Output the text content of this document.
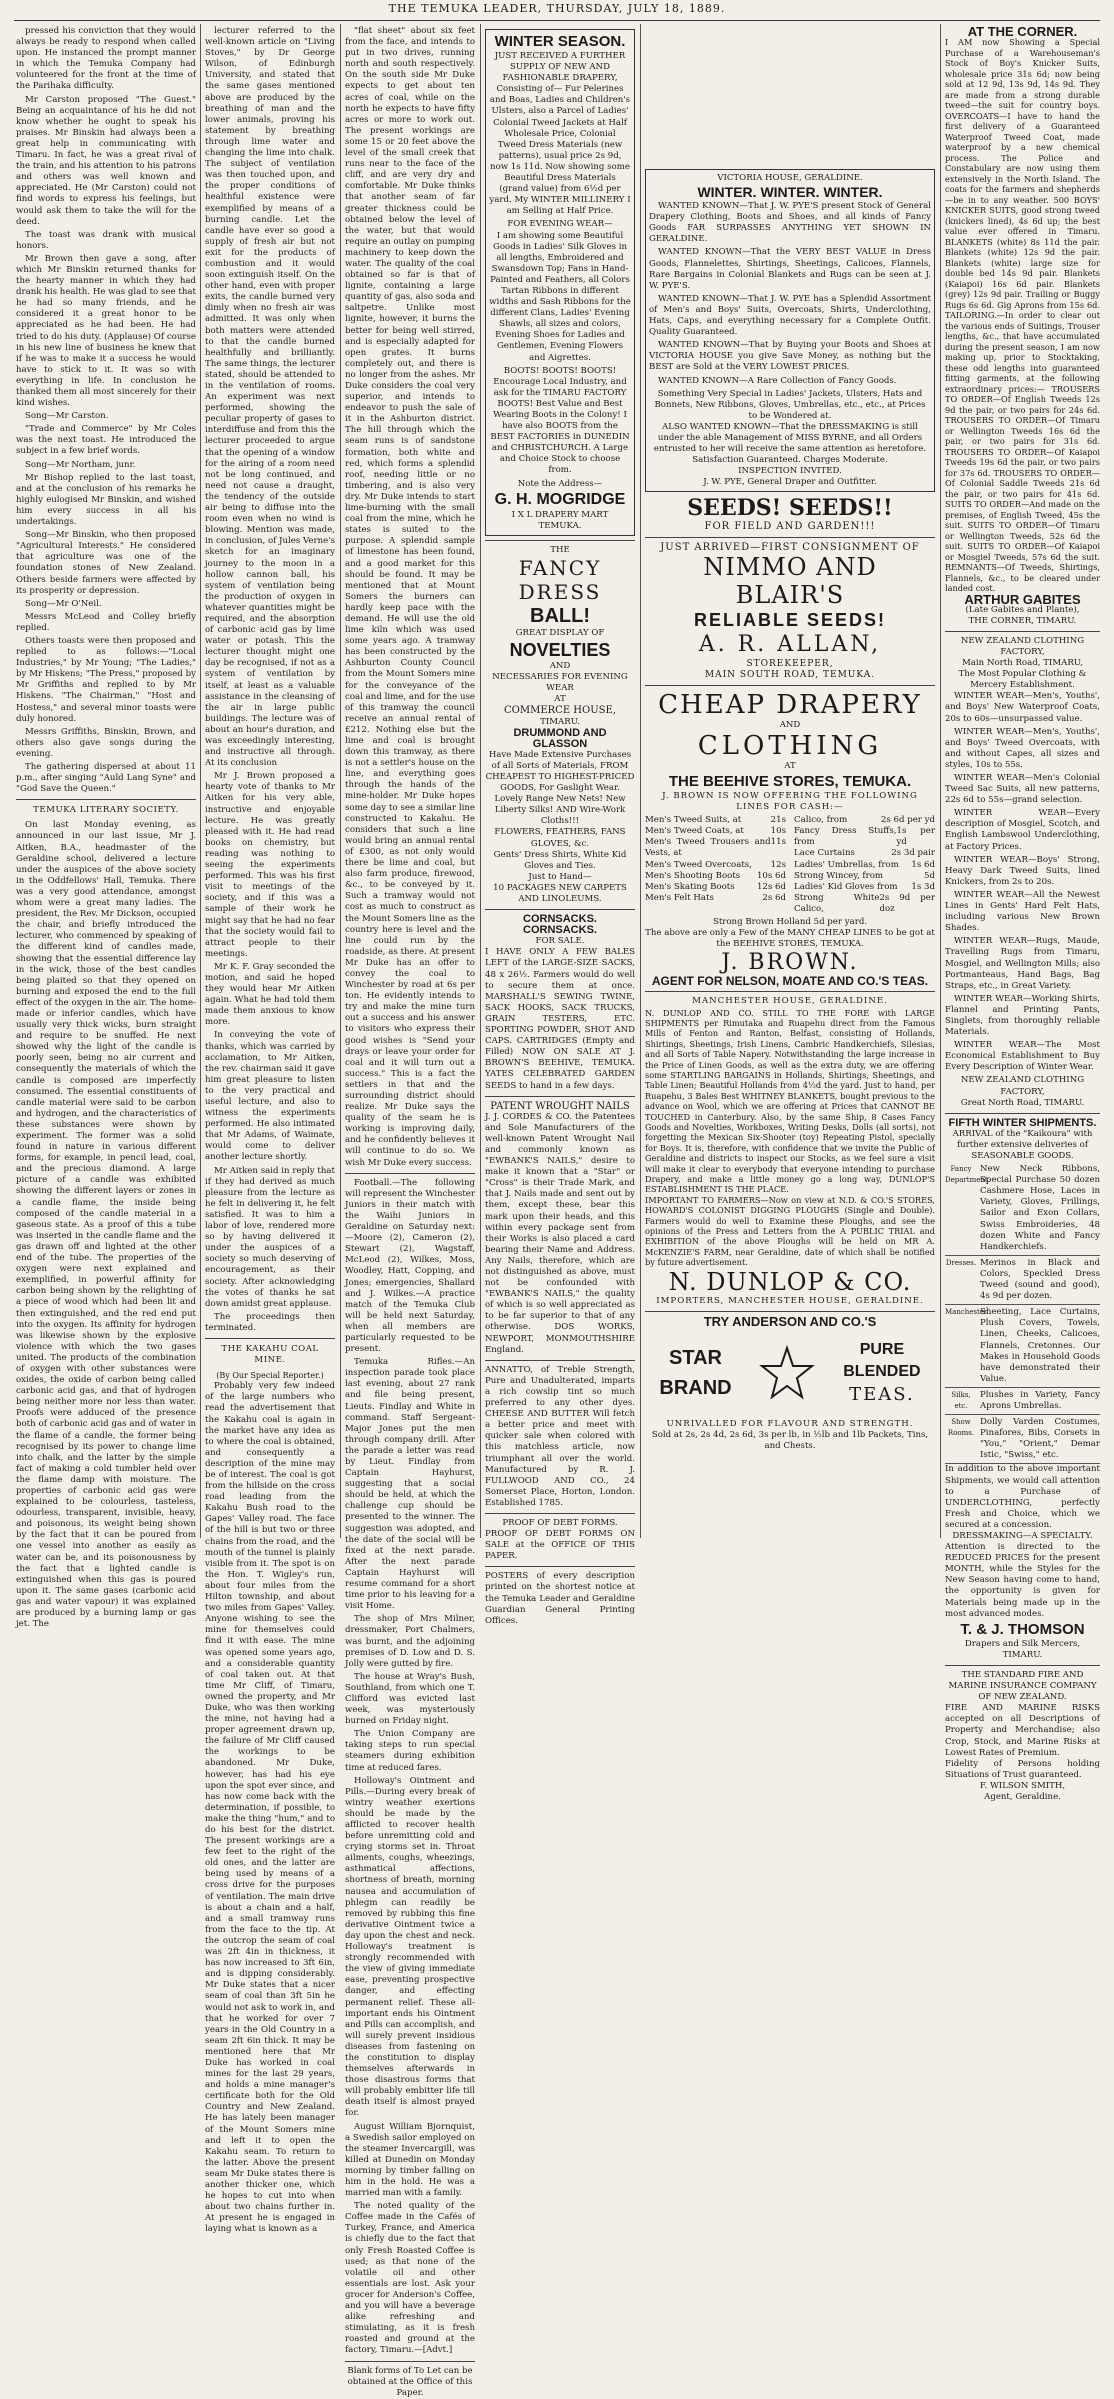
THE TEMUKA LEADER, THURSDAY, JULY 18, 1889.

pressed his conviction that they would always be ready to respond when called upon. He instanced the prompt manner in which the Temuka Company had volunteered for the front at the time of the Parihaka difficulty.

Mr Carston proposed "The Guest." Being an acquaintance of his he did not know whether he ought to speak his praises. Mr Binskin had always been a great help in communicating with Timaru. In fact, he was a great rival of the train, and his attention to his patrons and others was well known and appreciated. He (Mr Carston) could not find words to express his feelings, but would ask them to take the will for the deed.

The toast was drank with musical honors.

Mr Brown then gave a song, after which Mr Binskin returned thanks for the hearty manner in which they had drank his health. He was glad to see that he had so many friends, and he considered it a great honor to be appreciated as he had been. He had tried to do his duty. (Applause) Of course in his new line of business he knew that if he was to make it a success he would have to stick to it. It was so with everything in life. In conclusion he thanked them all most sincerely for their kind wishes.

Song—Mr Carston.

"Trade and Commerce" by Mr Coles was the next toast. He introduced the subject in a few brief words.

Song—Mr Northam, junr.

Mr Bishop replied to the last toast, and at the conclusion of his remarks he highly eulogised Mr Binskin, and wished him every success in all his undertakings.

Song—Mr Binskin, who then proposed "Agricultural Interests." He considered that agriculture was one of the foundation stones of New Zealand. Others beside farmers were affected by its prosperity or depression.

Song—Mr O'Neil.

Messrs McLeod and Colley briefly replied.

Others toasts were then proposed and replied to as follows:—"Local Industries," by Mr Young; "The Ladies," by Mr Hiskens; "The Press," proposed by Mr Griffiths and replied to by Mr Hiskens. "The Chairman," "Host and Hostess," and several minor toasts were duly honored.

Messrs Griffiths, Binskin, Brown, and others also gave songs during the evening.

The gathering dispersed at about 11 p.m., after singing "Auld Lang Syne" and "God Save the Queen."

TEMUKA LITERARY SOCIETY.

On last Monday evening, as announced in our last issue, Mr J. Aitken, B.A., headmaster of the Geraldine school, delivered a lecture under the auspices of the above society in the Oddfellows' Hall, Temuka. There was a very good attendance, amongst whom were a great many ladies. The president, the Rev. Mr Dickson, occupied the chair, and briefly introduced the lecturer, who commenced by speaking of the different kind of candles made, showing that the essential difference lay in the wick, those of the best candles being plaited so that they opened on burning and exposed the end to the full effect of the oxygen in the air. The home-made or inferior candles, which have usually very thick wicks, burn straight and require to be snuffed. He next showed why the light of the candle is poorly seen, being no air current and consequently the materials of which the candle is composed are imperfectly consumed. The essential constituents of candle material were said to be carbon and hydrogen, and the characteristics of these substances were shown by experiment. The former was a solid found in nature in various different forms, for example, in pencil lead, coal, and the precious diamond. A large picture of a candle was exhibited showing the different layers or zones in a candle flame, the inside being composed of the candle material in a gaseous state. As a proof of this a tube was inserted in the candle flame and the gas drawn off and lighted at the other end of the tube. The properties of the oxygen were next explained and exemplified, in powerful affinity for carbon being shown by the relighting of a piece of wood which had been lit and then extinguished, and the red end put into the oxygen. Its affinity for hydrogen was likewise shown by the explosive violence with which the two gases united. The products of the combination of oxygen with other substances were oxides, the oxide of carbon being called carbonic acid gas, and that of hydrogen being neither more nor less than water. Proofs were adduced of the presence both of carbonic acid gas and of water in the flame of a candle, the former being recognised by its power to change lime into chalk, and the latter by the simple fact of making a cold tumbler held over the flame damp with moisture. The properties of carbonic acid gas were explained to be colourless, tasteless, odourless, transparent, invisible, heavy, and poisonous, its weight being shown by the fact that it can be poured from one vessel into another as easily as water can be, and its poisonousness by the fact that a lighted candle is extinguished when this gas is poured upon it. The same gases (carbonic acid gas and water vapour) it was explained are produced by a burning lamp or gas jet. The

lecturer referred to the well-known article on "Living Stoves," by Dr George Wilson, of Edinburgh University, and stated that the same gases mentioned above are produced by the breathing of man and the lower animals, proving his statement by breathing through lime water and changing the lime into chalk. The subject of ventilation was then touched upon, and the proper conditions of healthful existence were exemplified by means of a burning candle. Let the candle have ever so good a supply of fresh air but not exit for the products of combustion and it would soon extinguish itself. On the other hand, even with proper exits, the candle burned very dimly when no fresh air was admitted. It was only when both matters were attended to that the candle burned healthfully and brilliantly. The same things, the lecturer stated, should be attended to in the ventilation of rooms. An experiment was next performed, showing the peculiar property of gases to interdiffuse and from this the lecturer proceeded to argue that the opening of a window for the airing of a room need not be long continued, and need not cause a draught, the tendency of the outside air being to diffuse into the room even when no wind is blowing. Mention was made, in conclusion, of Jules Verne's sketch for an imaginary journey to the moon in a hollow cannon ball, his system of ventilation being the production of oxygen in whatever quantities might be required, and the absorption of carbonic acid gas by lime water or potash. This the lecturer thought might one day be recognised, if not as a system of ventilation by itself, at least as a valuable assistance in the cleansing of the air in large public buildings. The lecture was of about an hour's duration, and was exceedingly interesting, and instructive all through. At its conclusion

Mr J. Brown proposed a hearty vote of thanks to Mr Aitken for his very able, instructive and enjoyable lecture. He was greatly pleased with it. He had read books on chemistry, but reading was nothing to seeing the experiments performed. This was his first visit to meetings of the society, and if this was a sample of their work he might say that he had no fear that the society would fail to attract people to their meetings.

Mr K. F. Gray seconded the motion, and said he hoped they would hear Mr Aitken again. What he had told them made them anxious to know more.

In conveying the vote of thanks, which was carried by acclamation, to Mr Aitken, the rev. chairman said it gave him great pleasure to listen to the very practical and useful lecture, and also to witness the experiments performed. He also intimated that Mr Adams, of Waimate, would come to deliver another lecture shortly.

Mr Aitken said in reply that if they had derived as much pleasure from the lecture as he felt in delivering it, he felt satisfied. It was to him a labor of love, rendered more so by having delivered it under the auspices of a society so much deserving of encouragement, as their society. After acknowledging the votes of thanks he sat down amidst great applause.

The proceedings then terminated.

THE KAKAHU COAL MINE.
(By Our Special Reporter.)

Probably very few indeed of the large numbers who read the advertisement that the Kakahu coal is again in the market have any idea as to where the coal is obtained, and consequently a description of the mine may be of interest. The coal is got from the hillside on the cross road leading from the Kakahu Bush road to the Gapes' Valley road. The face of the hill is but two or three chains from the road, and the mouth of the tunnel is plainly visible from it. The spot is on the Hon. T. Wigley's run, about four miles from the Hilton township, and about two miles from Gapes' Valley. Anyone wishing to see the mine for themselves could find it with ease. The mine was opened some years ago, and a considerable quantity of coal taken out. At that time Mr Cliff, of Timaru, owned the property, and Mr Duke, who was then working the mine, not having had a proper agreement drawn up, the failure of Mr Cliff caused the workings to be abandoned. Mr Duke, however, has had his eye upon the spot ever since, and has now come back with the determination, if possible, to make the thing "hum," and to do his best for the district. The present workings are a few feet to the right of the old ones, and the latter are being used by means of a cross drive for the purposes of ventilation. The main drive is about a chain and a half, and a small tramway runs from the face to the tip. At the outcrop the seam of coal was 2ft 4in in thickness, it has now increased to 3ft 6in, and is dipping considerably. Mr Duke states that a nicer seam of coal than 3ft 5in he would not ask to work in, and that he worked for over 7 years in the Old Country in a seam 2ft 6in thick. It may be mentioned here that Mr Duke has worked in coal mines for the last 29 years, and holds a mine manager's certificate both for the Old Country and New Zealand. He has lately been manager of the Mount Somers mine and left it to open the Kakahu seam. To return to the latter. Above the present seam Mr Duke states there is another thicker one, which he hopes to cut into when about two chains further in. At present he is engaged in laying what is known as a

"flat sheet" about six feet from the face, and intends to put in two drives, running north and south respectively. On the south side Mr Duke expects to get about ten acres of coal, while on the north he expects to have fifty acres or more to work out. The present workings are some 15 or 20 feet above the level of the small creek that runs near to the face of the cliff, and are very dry and comfortable. Mr Duke thinks that another seam of far greater thickness could be obtained below the level of the water, but that would require an outlay on pumping machinery to keep down the water. The quality of the coal obtained so far is that of lignite, containing a large quantity of gas, also soda and saltpetre. Unlike most lignite, however, it burns the better for being well stirred, and is especially adapted for open grates. It burns completely out, and there is no longer from the ashes. Mr Duke considers the coal very superior, and intends to endeavor to push the sale of it in the Ashburton district. The hill through which the seam runs is of sandstone formation, both white and red, which forms a splendid roof, needing little or no timbering, and is also very dry. Mr Duke intends to start lime-burning with the small coal from the mine, which he states is suited to the purpose. A splendid sample of limestone has been found, and a good market for this should be found. It may be mentioned that at Mount Somers the burners can hardly keep pace with the demand. He will use the old lime kiln which was used some years ago. A tramway has been constructed by the Ashburton County Council from the Mount Somers mine for the conveyance of the coal and lime, and for the use of this tramway the council receive an annual rental of £212. Nothing else but the lime and coal is brought down this tramway, as there is not a settler's house on the line, and everything goes through the hands of the mine-holder. Mr Duke hopes some day to see a similar line constructed to Kakahu. He considers that such a line would bring an annual rental of £300, as not only would there be lime and coal, but also farm produce, firewood, &c., to be conveyed by it. Such a tramway would not cost as much to construct as the Mount Somers line as the country here is level and the line could run by the roadside, as there. At present Mr Duke has an offer to convey the coal to Winchester by road at 6s per ton. He evidently intends to try and make the mine turn out a success and his answer to visitors who express their good wishes is "Send your drays or leave your order for coal and it will turn out a success." This is a fact the settlers in that and the surrounding district should realize. Mr Duke says the quality of the seam he is working is improving daily, and he confidently believes it will continue to do so. We wish Mr Duke every success.

Football.—The following will represent the Winchester Juniors in their match with the Waihi Juniors in Geraldine on Saturday next:—Moore (2), Cameron (2), Stewart (2), Wagstaff, McLeod (2), Wilkes, Moss, Woodley, Hatt, Copping, and Jones; emergencies, Shallard and J. Wilkes.—A practice match of the Temuka Club will be held next Saturday, when all members are particularly requested to be present.

Temuka Rifles.—An inspection parade took place last evening, about 27 rank and file being present, Lieuts. Findlay and White in command. Staff Sergeant-Major Jones put the men through company drill. After the parade a letter was read by Lieut. Findlay from Captain Hayhurst, suggesting that a social should be held, at which the challenge cup should be presented to the winner. The suggestion was adopted, and the date of the social will be fixed at the next parade. After the next parade Captain Hayhurst will resume command for a short time prior to his leaving for a visit Home.

The shop of Mrs Milner, dressmaker, Port Chalmers, was burnt, and the adjoining premises of D. Low and D. S. Jolly were gutted by fire.

The house at Wray's Bush, Southland, from which one T. Clifford was evicted last week, was mysteriously burned on Friday night.

The Union Company are taking steps to run special steamers during exhibition time at reduced fares.

Holloway's Ointment and Pills.—During every break of wintry weather exertions should be made by the afflicted to recover health before unremitting cold and crying storms set in. Throat ailments, coughs, wheezings, asthmatical affections, shortness of breath, morning nausea and accumulation of phlegm can readily be removed by rubbing this fine derivative Ointment twice a day upon the chest and neck. Holloway's treatment is strongly recommended with the view of giving immediate ease, preventing prospective danger, and effecting permanent relief. These all-important ends his Ointment and Pills can accomplish, and will surely prevent insidious diseases from fastening on the constitution to display themselves afterwards in those disastrous forms that will probably embitter life till death itself is almost prayed for.

August William Bjornquist, a Swedish sailor employed on the steamer Invercargill, was killed at Dunedin on Monday morning by timber falling on him in the hold. He was a married man with a family.

The noted quality of the Coffee made in the Cafés of Turkey, France, and America is chiefly due to the fact that only Fresh Roasted Coffee is used; as that none of the volatile oil and other essentials are lost. Ask your grocer for Anderson's Coffee, and you will have a beverage alike refreshing and stimulating, as it is fresh roasted and ground at the factory, Timaru.—[Advt.]

Blank forms of To Let can be obtained at the Office of this Paper.
WINTER SEASON.

JUST RECEIVED A FURTHER SUPPLY OF NEW AND FASHIONABLE DRAPERY, Consisting of— Fur Pelerines and Boas, Ladies and Children's Ulsters, also a Parcel of Ladies' Colonial Tweed Jackets at Half Wholesale Price, Colonial Tweed Dress Materials (new patterns), usual price 2s 9d, now 1s 11d. Now showing some Beautiful Dress Materials (grand value) from 6½d per yard. My WINTER MILLINERY I am Selling at Half Price.

FOR EVENING WEAR—

I am showing some Beautiful Goods in Ladies' Silk Gloves in all lengths, Embroidered and Swansdown Top; Fans in Hand-Painted and Feathers, all Colors Tartan Ribbons in different widths and Sash Ribbons for the different Clans, Ladies' Evening Shawls, all sizes and colors, Evening Shoes for Ladies and Gentlemen, Evening Flowers and Aigrettes.

BOOTS! BOOTS! BOOTS!

Encourage Local Industry, and ask for the TIMARU FACTORY BOOTS! Best Value and Best Wearing Boots in the Colony! I have also BOOTS from the BEST FACTORIES in DUNEDIN and CHRISTCHURCH. A Large and Choice Stock to choose from.

Note the Address—
G. H. MOGRIDGE
I X L DRAPERY MART
TEMUKA.
THE
FANCY DRESS
BALL!
GREAT DISPLAY OF
NOVELTIES
AND
NECESSARIES FOR EVENING WEAR
AT
COMMERCE HOUSE,
TIMARU.
DRUMMOND AND GLASSON
Have Made Extensive Purchases of all Sorts of Materials, FROM CHEAPEST TO HIGHEST-PRICED GOODS, For Gaslight Wear.
Lovely Range New Nets! New Liberty Silks! AND Wire-Work Cloths!!!
FLOWERS, FEATHERS, FANS GLOVES, &c.
Gents' Dress Shirts, White Kid Gloves and Ties.
Just to Hand—
10 PACKAGES NEW CARPETS AND LINOLEUMS.
CORNSACKS. CORNSACKS.
FOR SALE.
I HAVE ONLY A FEW BALES LEFT of the LARGE-SIZE SACKS, 48 x 26½. Farmers would do well to secure them at once. MARSHALL'S SEWING TWINE, SACK HOOKS, SACK TRUCKS, GRAIN TESTERS, ETC. SPORTING POWDER, SHOT AND CAPS. CARTRIDGES (Empty and Filled) NOW ON SALE AT J. BROWN'S BEEHIVE, TEMUKA. YATES CELEBRATED GARDEN SEEDS to hand in a few days.
PATENT WROUGHT NAILS
J. J. CORDES & CO. the Patentees and Sole Manufacturers of the well-known Patent Wrought Nail and commonly known as "EWBANK'S NAILS," desire to make it known that a "Star" or "Cross" is their Trade Mark, and that J. Nails made and sent out by them, except these, bear this mark upon their heads, and this within every package sent from their Works is also placed a card bearing their Name and Address. Any Nails, therefore, which are not distinguished as above, must not be confounded with "EWBANK'S NAILS," the quality of which is so well appreciated as to be far superior to that of any otherwise. DOS WORKS, NEWPORT, MONMOUTHSHIRE England.
ANNATTO, of Treble Strength, Pure and Unadulterated, imparts a rich cowslip tint so much preferred to any other dyes. CHEESE AND BUTTER Will fetch a better price and meet with quicker sale when colored with this matchless article, now triumphant all over the world. Manufactured by R. J. FULLWOOD AND CO., 24 Somerset Place, Horton, London. Established 1785.
PROOF OF DEBT FORMS.
PROOF OF DEBT FORMS ON SALE at the OFFICE OF THIS PAPER.
POSTERS of every description printed on the shortest notice at the Temuka Leader and Geraldine Guardian General Printing Offices.
VICTORIA HOUSE, GERALDINE.
WINTER. WINTER. WINTER.

WANTED KNOWN—That J. W. PYE'S present Stock of General Drapery Clothing, Boots and Shoes, and all kinds of Fancy Goods FAR SURPASSES ANYTHING YET SHOWN IN GERALDINE.

WANTED KNOWN—That the VERY BEST VALUE in Dress Goods, Flannelettes, Shirtings, Sheetings, Calicoes, Flannels, Rare Bargains in Colonial Blankets and Rugs can be seen at J. W. PYE'S.

WANTED KNOWN—That J. W. PYE has a Splendid Assortment of Men's and Boys' Suits, Overcoats, Shirts, Underclothing, Hats, Caps, and everything necessary for a Complete Outfit. Quality Guaranteed.

WANTED KNOWN—That by Buying your Boots and Shoes at VICTORIA HOUSE you give Save Money, as nothing but the BEST are Sold at the VERY LOWEST PRICES.

WANTED KNOWN—A Rare Collection of Fancy Goods.

Something Very Special in Ladies' Jackets, Ulsters, Hats and Bonnets, New Ribbons, Gloves, Umbrellas, etc., etc., at Prices to be Wondered at.
ALSO WANTED KNOWN—That the DRESSMAKING is still under the able Management of MISS BYRNE, and all Orders entrusted to her will receive the same attention as heretofore. Satisfaction Guaranteed. Charges Moderate.
INSPECTION INVITED.
J. W. PYE, General Draper and Outfitter.
SEEDS! SEEDS!!
FOR FIELD AND GARDEN!!!
JUST ARRIVED—FIRST CONSIGNMENT OF
NIMMO AND BLAIR'S
RELIABLE SEEDS!
A. R. ALLAN,
STOREKEEPER,
MAIN SOUTH ROAD, TEMUKA.
CHEAP DRAPERY
AND
CLOTHING
AT
THE BEEHIVE STORES, TEMUKA.
J. BROWN IS NOW OFFERING THE FOLLOWING LINES FOR CASH:—
Men's Tweed Suits, at	21s
Men's Tweed Coats, at	10s
Men's Tweed Trousers and Vests, at
11s
Men's Tweed Overcoats, 12s
Men's Shooting Boots 10s 6d
Men's Skating Boots	12s 6d
Men's Felt Hats	2s 6d
Calico, from	2s 6d per yd
Fancy Dress Stuffs, from
1s per yd
Lace Curtains	2s 3d pair
Ladies' Umbrellas, from 1s 6d
Strong Wincey, from	5d
Ladies' Kid Gloves from 1s 3d
Strong White Calico,
2s 9d per doz
Strong Brown Holland 5d per yard.
The above are only a Few of the MANY CHEAP LINES to be got at the BEEHIVE STORES, TEMUKA.
J. BROWN.
AGENT FOR NELSON, MOATE AND CO.'S TEAS.
MANCHESTER HOUSE, GERALDINE.
N. DUNLOP AND CO. STILL TO THE FORE with LARGE SHIPMENTS per Rimutaka and Ruapehu direct from the Famous Mills of Fenton and Ranton, Belfast, consisting of Hollands, Shirtings, Sheetings, Irish Linens, Cambric Handkerchiefs, Silesias, and all Sorts of Table Napery. Notwithstanding the large increase in the Price of Linen Goods, as well as the extra duty, we are offering some STARTLING BARGAINS in Hollands, Shirtings, Sheetings, and Table Linen; Beautiful Hollands from 4½d the yard. Just to hand, per Ruapehu, 3 Bales Best WHITNEY BLANKETS, bought previous to the advance on Wool, which we are offering at Prices that CANNOT BE TOUCHED in Canterbury. Also, by the same Ship, 8 Cases Fancy Goods and Novelties, Workboxes, Writing Desks, Dolls (all sorts), not forgetting the Mexican Six-Shooter (toy) Repeating Pistol, specially for Boys. It is, therefore, with confidence that we invite the Public of Geraldine and districts to inspect our Stocks, as we feel sure a visit will make it clear to everybody that everyone intending to purchase Drapery, and make a little money go a long way, DUNLOP'S ESTABLISHMENT IS THE PLACE.
IMPORTANT TO FARMERS—Now on view at N.D. & CO.'S STORES, HOWARD'S COLONIST DIGGING PLOUGHS (Single and Double). Farmers would do well to Examine these Ploughs, and see the opinions of the Press and Letters from the A PUBLIC TRIAL and EXHIBITION of the above Ploughs will be held on MR A. McKENZIE'S FARM, near Geraldine, date of which shall be notified by future advertisement.
N. DUNLOP & CO.
IMPORTERS, MANCHESTER HOUSE, GERALDINE.
TRY ANDERSON AND CO.'S
STAR
BRAND
PURE
BLENDED
TEAS.
UNRIVALLED FOR FLAVOUR AND STRENGTH.
Sold at 2s, 2s 4d, 2s 6d, 3s per lb, in ½lb and 1lb Packets, Tins, and Chests.
AT THE CORNER.
I AM now Showing a Special Purchase of a Warehouseman's Stock of Boy's Knicker Suits, wholesale price 31s 6d; now being sold at 12 9d, 13s 9d, 14s 9d. They are made from a strong durable tweed—the suit for country boys. OVERCOATS—I have to hand the first delivery of a Guaranteed Waterproof Tweed Coat, made waterproof by a new chemical process. The Police and Constabulary are now using them extensively in the North Island. The coats for the farmers and shepherds—be in to any weather. 500 BOYS' KNICKER SUITS, good strong tweed (knickers lined), 4s 6d up; the best value ever offered in Timaru. BLANKETS (white) 8s 11d the pair. Blankets (white) 12s 9d the pair. Blankets (white) large size for double bed 14s 9d pair. Blankets (Kaiapoi) 16s 6d pair. Blankets (grey) 12s 9d pair. Trailing or Buggy Rugs 6s 6d. Gig Aprons from 15s 6d. TAILORING.—In order to clear out the various ends of Suitings, Trouser lengths, &c., that have accumulated during the present season, I am now making up, prior to Stocktaking, these odd lengths into guaranteed fitting garments, at the following extraordinary prices:— TROUSERS TO ORDER—Of English Tweeds 12s 9d the pair, or two pairs for 24s 6d. TROUSERS TO ORDER—Of Timaru or Wellington Tweeds 16s 6d the pair, or two pairs for 31s 6d. TROUSERS TO ORDER—Of Kaiapoi Tweeds 19s 6d the pair, or two pairs for 37s 6d. TROUSERS TO ORDER—Of Colonial Saddle Tweeds 21s 6d the pair, or two pairs for 41s 6d. SUITS TO ORDER—And made on the premises, of English Tweed, 45s the suit. SUITS TO ORDER—Of Timaru or Wellington Tweeds, 52s 6d the suit. SUITS TO ORDER—Of Kaiapoi or Mosgiel Tweeds, 57s 6d the suit. REMNANTS—Of Tweeds, Shirtings, Flannels, &c., to be cleared under landed cost.
ARTHUR GABITES
(Late Gabites and Plante),
THE CORNER, TIMARU.
NEW ZEALAND CLOTHING FACTORY,
Main North Road, TIMARU,
The Most Popular Clothing & Mercery Establishment.

WINTER WEAR—Men's, Youths', and Boys' New Waterproof Coats, 20s to 60s—unsurpassed value.

WINTER WEAR—Men's, Youths', and Boys' Tweed Overcoats, with and without Capes, all sizes and styles, 10s to 55s.

WINTER WEAR—Men's Colonial Tweed Sac Suits, all new patterns, 22s 6d to 55s—grand selection.

WINTER WEAR—Every description of Mosgiel, Scotch, and English Lambswool Underclothing, at Factory Prices.

WINTER WEAR—Boys' Strong, Heavy Dark Tweed Suits, lined Knickers, from 2s to 20s.

WINTER WEAR—All the Newest Lines in Gents' Hard Felt Hats, including various New Brown Shades.

WINTER WEAR—Rugs, Maude, Travelling Rugs from Timaru, Mosgiel, and Wellington Mills; also Portmanteaus, Hand Bags, Bag Straps, etc., in Great Variety.

WINTER WEAR—Working Shirts, Flannel and Printing Pants, Singlets, from thoroughly reliable Materials.

WINTER WEAR—The Most Economical Establishment to Buy Every Description of Winter Wear.

NEW ZEALAND CLOTHING FACTORY,
Great North Road, TIMARU.
FIFTH WINTER SHIPMENTS.
ARRIVAL of the "Kaikoura" with further extensive deliveries of SEASONABLE GOODS.
Fancy Department.
New Neck Ribbons, Special Purchase 50 dozen Cashmere Hose, Laces in Variety, Gloves, Frillings, Sailor and Exon Collars, Swiss Embroideries, 48 dozen White and Fancy Handkerchiefs.
Dresses. Merinos in Black and Colors, Speckled Dress Tweed (sound and good), 4s 9d per dozen.
Manchester.
Sheeting, Lace Curtains, Plush Covers, Towels, Linen, Cheeks, Calicoes, Flannels, Cretonnes. Our Makes in Household Goods have demonstrated their Value.
Silks, etc.
Plushes in Variety, Fancy Aprons Umbrellas.
Show Rooms.
Dolly Varden Costumes, Pinafores, Bibs, Corsets in "You," "Orient," Demar Istic, "Swiss," etc.
In addition to the above important Shipments, we would call attention to a Purchase of UNDERCLOTHING, perfectly Fresh and Choice, which we secured at a concession.
DRESSMAKING—A SPECIALTY.
Attention is directed to the REDUCED PRICES for the present MONTH, while the Styles for the New Season having come to hand, the opportunity is given for Materials being made up in the most advanced modes.
T. & J. THOMSON
Drapers and Silk Mercers, TIMARU.
THE STANDARD FIRE AND MARINE INSURANCE COMPANY OF NEW ZEALAND.
FIRE AND MARINE RISKS accepted on all Descriptions of Property and Merchandise; also Crop, Stock, and Marine Risks at Lowest Rates of Premium.
Fidelity of Persons holding Situations of Trust guaranteed.
F. WILSON SMITH,
Agent, Geraldine.
